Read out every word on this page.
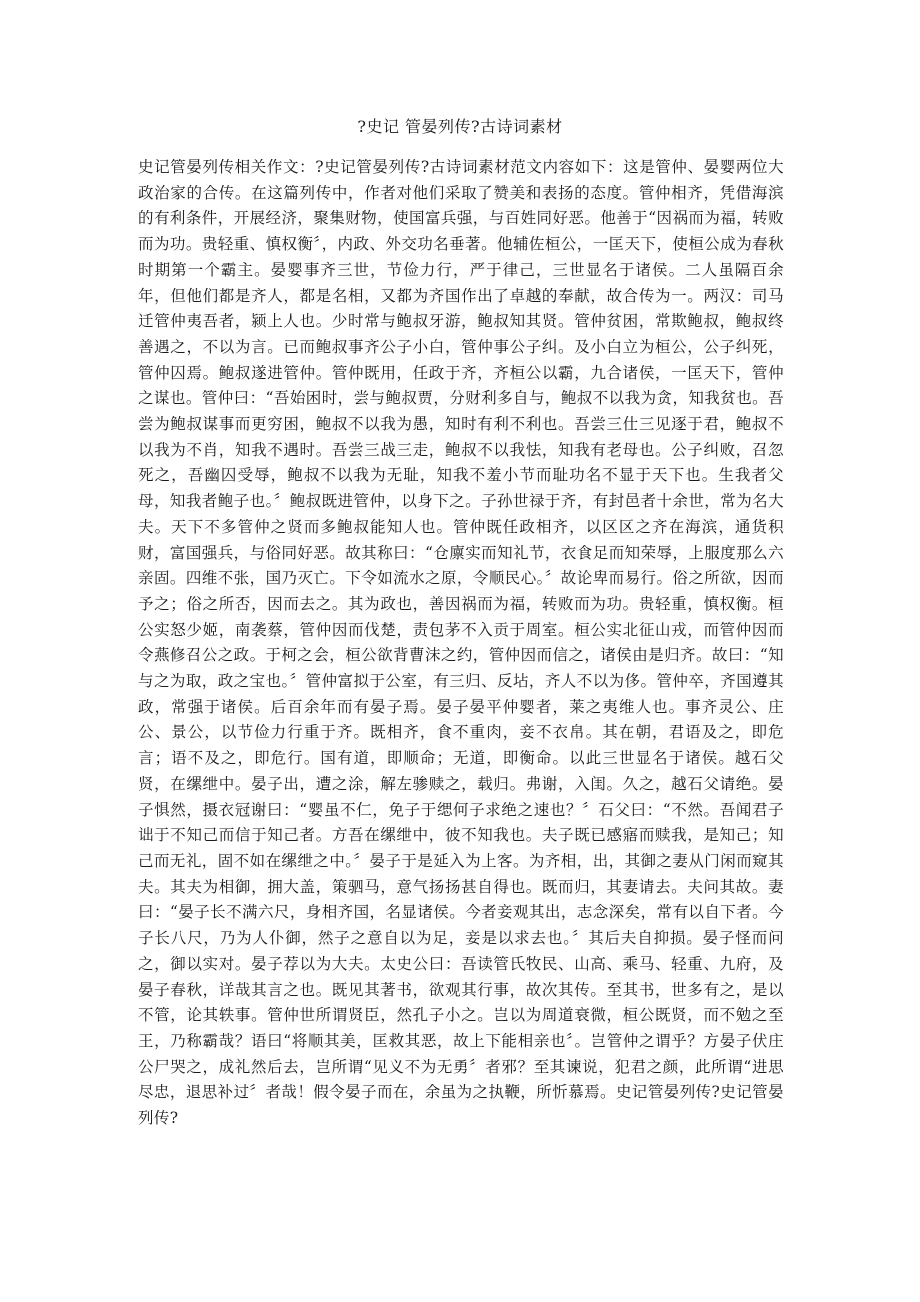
?史记 管晏列传?古诗词素材
史记管晏列传相关作文：?史记管晏列传?古诗词素材范文内容如下：这是管仲、晏婴两位大政治家的合传。在这篇列传中，作者对他们采取了赞美和表扬的态度。管仲相齐，凭借海滨的有利条件，开展经济，聚集财物，使国富兵强，与百姓同好恶。他善于“因祸而为福，转败而为功。贵轻重、慎权衡〞，内政、外交功名垂著。他辅佐桓公，一匡天下，使桓公成为春秋时期第一个霸主。晏婴事齐三世，节俭力行，严于律己，三世显名于诸侯。二人虽隔百余年，但他们都是齐人，都是名相，又都为齐国作出了卓越的奉献，故合传为一。两汉：司马迁管仲夷吾者，颍上人也。少时常与鲍叔牙游，鲍叔知其贤。管仲贫困，常欺鲍叔，鲍叔终善遇之，不以为言。已而鲍叔事齐公子小白，管仲事公子纠。及小白立为桓公，公子纠死，管仲囚焉。鲍叔遂进管仲。管仲既用，任政于齐，齐桓公以霸，九合诸侯，一匡天下，管仲之谋也。管仲曰：“吾始困时，尝与鲍叔贾，分财利多自与，鲍叔不以我为贪，知我贫也。吾尝为鲍叔谋事而更穷困，鲍叔不以我为愚，知时有利不利也。吾尝三仕三见逐于君，鲍叔不以我为不肖，知我不遇时。吾尝三战三走，鲍叔不以我怯，知我有老母也。公子纠败，召忽死之，吾幽囚受辱，鲍叔不以我为无耻，知我不羞小节而耻功名不显于天下也。生我者父母，知我者鲍子也。〞鲍叔既进管仲，以身下之。子孙世禄于齐，有封邑者十余世，常为名大夫。天下不多管仲之贤而多鲍叔能知人也。管仲既任政相齐，以区区之齐在海滨，通货积财，富国强兵，与俗同好恶。故其称曰：“仓廪实而知礼节，衣食足而知荣辱，上服度那么六亲固。四维不张，国乃灭亡。下令如流水之原，令顺民心。〞故论卑而易行。俗之所欲，因而予之；俗之所否，因而去之。其为政也，善因祸而为福，转败而为功。贵轻重，慎权衡。桓公实怒少姬，南袭蔡，管仲因而伐楚，责包茅不入贡于周室。桓公实北征山戎，而管仲因而令燕修召公之政。于柯之会，桓公欲背曹沫之约，管仲因而信之，诸侯由是归齐。故曰：“知与之为取，政之宝也。〞管仲富拟于公室，有三归、反坫，齐人不以为侈。管仲卒，齐国遵其政，常强于诸侯。后百余年而有晏子焉。晏子晏平仲婴者，莱之夷维人也。事齐灵公、庄公、景公，以节俭力行重于齐。既相齐，食不重肉，妾不衣帛。其在朝，君语及之，即危言；语不及之，即危行。国有道，即顺命；无道，即衡命。以此三世显名于诸侯。越石父贤，在缧绁中。晏子出，遭之涂，解左骖赎之，载归。弗谢，入闺。久之，越石父请绝。晏子惧然，摄衣冠谢曰：“婴虽不仁，免子于缌何子求绝之速也？〞石父曰：“不然。吾闻君子诎于不知己而信于知己者。方吾在缧绁中，彼不知我也。夫子既已感寤而赎我，是知己；知己而无礼，固不如在缧绁之中。〞晏子于是延入为上客。为齐相，出，其御之妻从门闲而窥其夫。其夫为相御，拥大盖，策驷马，意气扬扬甚自得也。既而归，其妻请去。夫问其故。妻曰：“晏子长不满六尺，身相齐国，名显诸侯。今者妾观其出，志念深矣，常有以自下者。今子长八尺，乃为人仆御，然子之意自以为足，妾是以求去也。〞其后夫自抑损。晏子怪而问之，御以实对。晏子荐以为大夫。太史公曰：吾读管氏牧民、山高、乘马、轻重、九府，及晏子春秋，详哉其言之也。既见其著书，欲观其行事，故次其传。至其书，世多有之，是以不管，论其轶事。管仲世所谓贤臣，然孔子小之。岂以为周道衰微，桓公既贤，而不勉之至王，乃称霸哉？语曰“将顺其美，匡救其恶，故上下能相亲也〞。岂管仲之谓乎？方晏子伏庄公尸哭之，成礼然后去，岂所谓“见义不为无勇〞者邪？至其谏说，犯君之颜，此所谓“进思尽忠，退思补过〞者哉！假令晏子而在，余虽为之执鞭，所忻慕焉。史记管晏列传?史记管晏列传?
